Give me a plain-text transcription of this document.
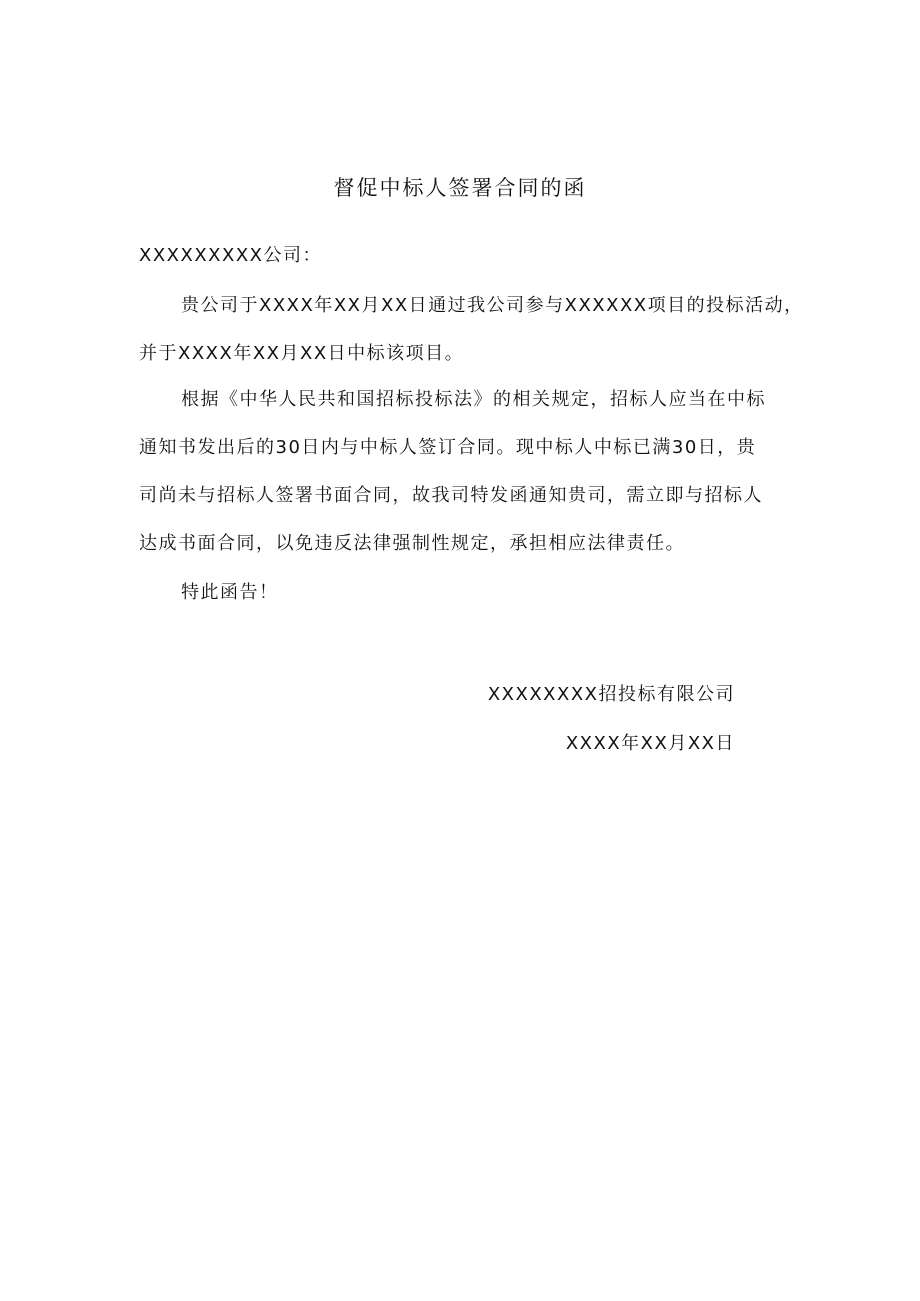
督促中标人签署合同的函
XXXXXXXXX公司：
贵公司于XXXX年XX月XX日通过我公司参与XXXXXX项目的投标活动，
并于XXXX年XX月XX日中标该项目。
根据《中华人民共和国招标投标法》的相关规定，招标人应当在中标
通知书发出后的30日内与中标人签订合同。现中标人中标已满30日，贵
司尚未与招标人签署书面合同，故我司特发函通知贵司，需立即与招标人
达成书面合同，以免违反法律强制性规定，承担相应法律责任。
特此函告！
XXXXXXXX招投标有限公司
XXXX年XX月XX日
